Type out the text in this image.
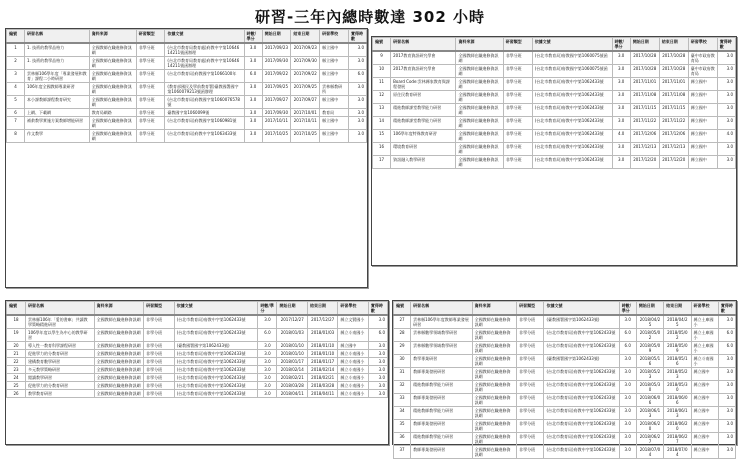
研習-三年內總時數達 302 小時
編號	研習名稱	資料來源	研習類型	依據文號	時數/學分	開始日期	結束日期	研習學校	實得時數
1	1. 技術的教學品格力	全國教師在職進修資訊網	非學分班	(台北市教育局教育處)府教中字第1064614211號函辦理	3.0	2017/09/23	2017/09/23	縣立國中	3.0
2	1. 技術的教學品格力	全國教師在職進修資訊網	非學分班	(台北市教育局教育處)府教中字第1064614211號函辦理	3.0	2017/09/30	2017/09/30	縣立國中	3.0
3	雲林縣106學年度「專業發展和教育」課程二小時研習	全國教師在職進修資訊網	非學分班	(台北市教育局)府教國字第1066100年	6.0	2017/09/22	2017/09/22	縣立國中	6.0
4	106年度全國教師專業研習	全國教師在職進修資訊網	非學分班	(教育部國民及學前教育署)臺教國署國字第1060079213號函辦理	3.0	2017/09/25	2017/09/25	雲林縣教研所	3.0
5	本小課教師課程教育研究	全國教師在職進修資訊網	非學分班	(台北市教育局)府教國字第1060076578號	3.0	2017/09/27	2017/09/27	縣立國中	3.0
6	上網、下載網	教育局網路	非學分班	臺教國字第1060099號	3.0	2017/09/30	2017/10/01	教育局	3.0
7	補救教學實施方案教師增能研習	全國教師在職進修資訊網	非學分班	(台北市教育局)府教國字第1060981號	3.0	2017/10/11	2017/10/11	縣立國中	3.0
8	作文教學	全國教師在職進修資訊網	非學分班	(台北市教育局)府教中字第1063433號	3.0	2017/10/25	2017/10/25	縣立國中	3.0
編號	研習名稱	資料來源	研習類型	依據文號	時數/學分	開始日期	結束日期	研習學校	實得時數
9	2017教育資訊研究學會	全國教師在職進修資訊網	非學分班	(台北市教育局)府教國字第1060075號函	3.0	2017/10/28	2017/10/28	臺中市政府教育局	3.0
10	2017教育資訊研究學會	全國教師在職進修資訊網	非學分班	(台北市教育局)府教國字第1060075號函	3.0	2017/10/28	2017/10/28	臺中市政府教育局	3.0
11	Board Code:雲林縣家教育與課程發展	全國教師在職進修資訊網	非學分班	(台北市教育局)府教中字第1062433號	3.0	2017/11/01	2017/11/01	縣立國中	3.0
12	原住民教育研習	全國教師在職進修資訊網	非學分班	(台北市教育局)府教中字第1062433號	3.0	2017/11/08	2017/11/08	縣立國中	3.0
13	精進教師課堂教學能力研習	全國教師在職進修資訊網	非學分班	(台北市教育局)府教中字第1062433號	3.0	2017/11/15	2017/11/15	縣立國中	3.0
14	精進教師課堂教學能力研習	全國教師在職進修資訊網	非學分班	(台北市教育局)府教中字第1062433號	3.0	2017/11/22	2017/11/22	縣立國中	3.0
15	106學年度特殊教育研習	全國教師在職進修資訊網	非學分班	(台北市教育局)府教中字第1062433號	4.0	2017/12/06	2017/12/06	縣立國中	4.0
16	環境教育研習	全國教師在職進修資訊網	非學分班	(台北市教育局)府教中字第1062433號	3.0	2017/12/13	2017/12/13	縣立國中	3.0
17	資訊融入教學研習	全國教師在職進修資訊網	非學分班	(台北市教育局)府教中字第1062433號	3.0	2017/12/20	2017/12/20	縣立國中	3.0
編號	研習名稱	資料來源	研習類型	依據文號	時數/學分	開始日期	結束日期	研習學校	實得時數
18	雲林縣106年「愛的書庫」共讀教學策略精進研習	全國教師在職進修資訊網	非學分班	(台北市教育局)府教中字第1062433號	3.0	2017/12/27	2017/12/27	縣立文賢國小	3.0
19	106學年度以學生為中心的教學研習	全國教師在職進修資訊網	非學分班	(台北市教育局)府教中字第1062433號	6.0	2018/01/03	2018/01/03	縣立斗南國小	6.0
20	導入性一教育科學課程研習	全國教師在職進修資訊網	非學分班	(臺教國署國字第1062433號)	3.0	2018/01/10	2018/01/10	縣立國中	3.0
21	促進學力的分教育研習	全國教師在職進修資訊網	非學分班	(台北市教育局)府教中字第1062433號	3.0	2018/01/10	2018/01/10	縣立斗南國小	3.0
22	建構教育數學研習	全國教師在職進修資訊網	非學分班	(台北市教育局)府教中字第1062433號	3.0	2018/01/17	2018/01/17	縣立斗南國小	3.0
23	多元教學策略研習	全國教師在職進修資訊網	非學分班	(台北市教育局)府教中字第1062433號	3.0	2018/02/14	2018/02/14	縣立斗南國小	3.0
24	閱讀教學研習	全國教師在職進修資訊網	非學分班	(台北市教育局)府教中字第1062433號	3.0	2018/02/21	2018/02/21	縣立斗南國小	3.0
25	促進學力的分教育研習	全國教師在職進修資訊網	非學分班	(台北市教育局)府教中字第1062433號	3.0	2018/03/28	2018/03/28	縣立斗南國小	3.0
26	教學教育研習	全國教師在職進修資訊網	非學分班	(台北市教育局)府教中字第1062433號	3.0	2018/04/11	2018/04/11	縣立斗南國小	3.0
編號	研習名稱	資料來源	研習類型	依據文號	時數/學分	開始日期	結束日期	研習學校	實得時數
27	雲林縣106學年度教師專業發展研習	全國教師在職進修資訊網	非學分班	(臺教國署國字第1062433號)	3.0	2018/04/25	2018/04/25	縣立土庫國小	3.0
28	雲林縣數學領域教學研習	全國教師在職進修資訊網	非學分班	(台北市教育局)府教中字第1062433號	6.0	2018/05/02	2018/05/02	縣立土庫國小	6.0
29	雲林縣數學領域教學研習	全國教師在職進修資訊網	非學分班	(台北市教育局)府教中字第1062433號	6.0	2018/05/09	2018/05/09	縣立土庫國小	6.0
30	教學專業研習	全國教師在職進修資訊網	非學分班	(臺教國署國字第1062433號)	3.0	2018/05/16	2018/05/16	縣立斗南國小	3.0
31	教師專業發展研習	全國教師在職進修資訊網	非學分班	(台北市教育局)府教中字第1062433號	3.0	2018/05/23	2018/05/23	縣立國中	3.0
32	精進教師教學能力研習	全國教師在職進修資訊網	非學分班	(台北市教育局)府教中字第1062433號	3.0	2018/05/30	2018/05/30	縣立國中	3.0
33	教師專業發展研習	全國教師在職進修資訊網	非學分班	(台北市教育局)府教中字第1062433號	3.0	2018/06/06	2018/06/06	縣立國中	3.0
34	精進教師教學能力研習	全國教師在職進修資訊網	非學分班	(台北市教育局)府教中字第1062433號	3.0	2018/06/13	2018/06/13	縣立國中	3.0
35	教師專業發展研習	全國教師在職進修資訊網	非學分班	(台北市教育局)府教中字第1062433號	3.0	2018/06/20	2018/06/20	縣立國中	3.0
36	精進教師教學能力研習	全國教師在職進修資訊網	非學分班	(台北市教育局)府教中字第1062433號	3.0	2018/06/27	2018/06/27	縣立國中	3.0
37	教師專業發展研習	全國教師在職進修資訊網	非學分班	(台北市教育局)府教中字第1062433號	3.0	2018/07/04	2018/07/04	縣立國中	3.0
